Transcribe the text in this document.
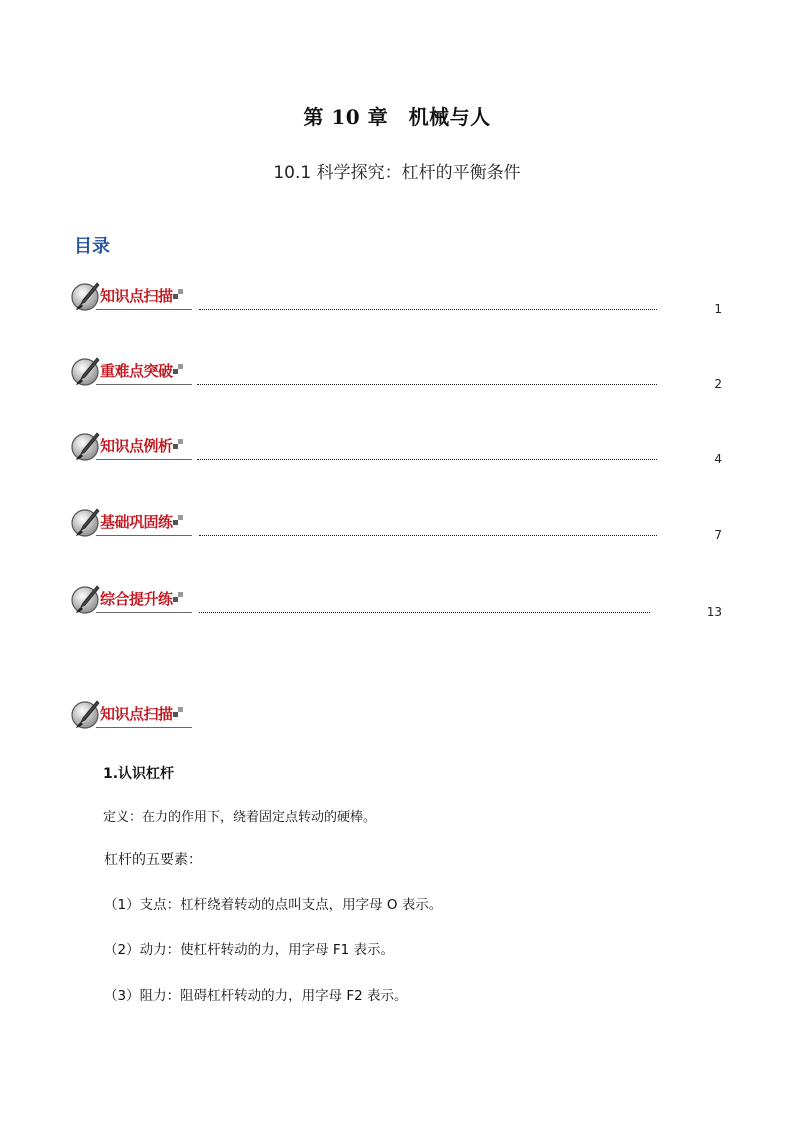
第 10 章　机械与人
10.1 科学探究：杠杆的平衡条件
目录
知识点扫描
1
重难点突破
2
知识点例析
4
基础巩固练
7
综合提升练
13
知识点扫描
1.认识杠杆
定义：在力的作用下，绕着固定点转动的硬棒。
杠杆的五要素：
（1）支点：杠杆绕着转动的点叫支点，用字母 O 表示。
（2）动力：使杠杆转动的力，用字母 F1 表示。
（3）阻力：阻碍杠杆转动的力，用字母 F2 表示。
